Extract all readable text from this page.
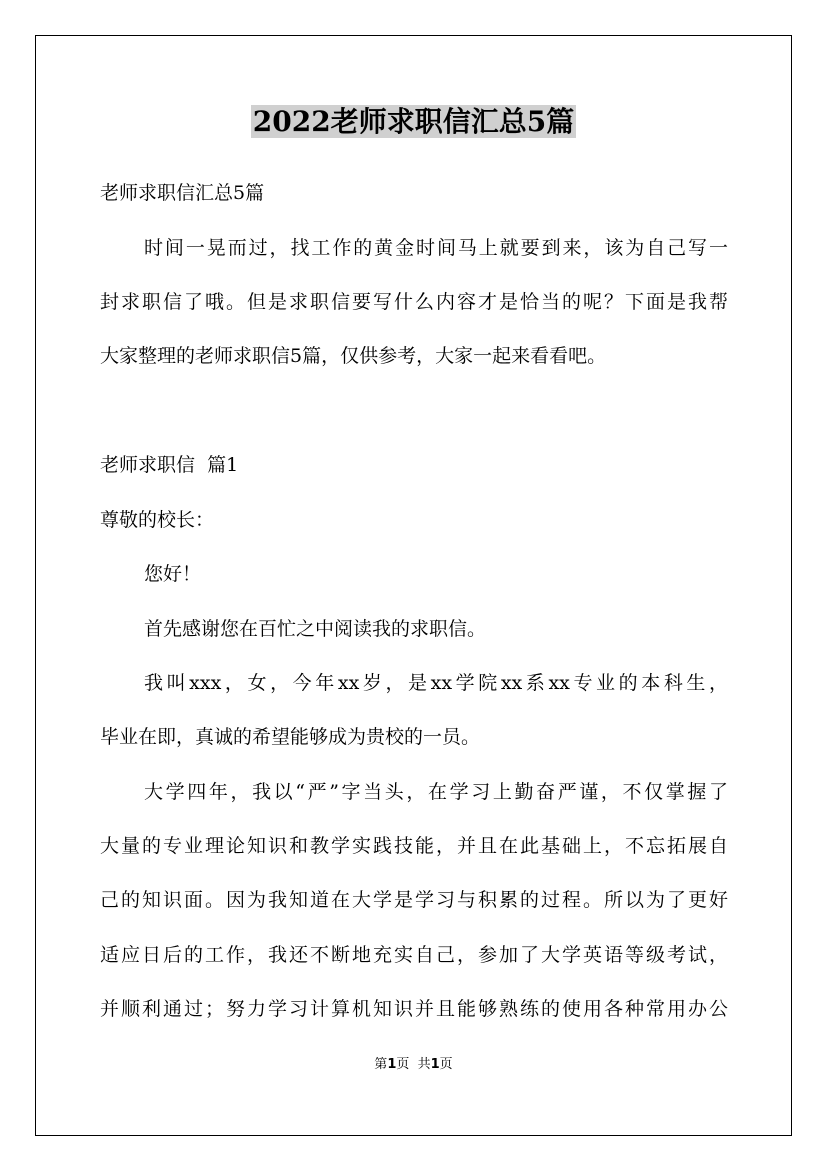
2022老师求职信汇总5篇
老师求职信汇总5篇
时间一晃而过，找工作的黄金时间马上就要到来，该为自己写一
封求职信了哦。但是求职信要写什么内容才是恰当的呢？下面是我帮
大家整理的老师求职信5篇，仅供参考，大家一起来看看吧。
老师求职信  篇1
尊敬的校长：
您好！
首先感谢您在百忙之中阅读我的求职信。
我叫xxx，女，今年xx岁，是xx学院xx系xx专业的本科生，
毕业在即，真诚的希望能够成为贵校的一员。
大学四年，我以“严”字当头，在学习上勤奋严谨，不仅掌握了
大量的专业理论知识和教学实践技能，并且在此基础上，不忘拓展自
己的知识面。因为我知道在大学是学习与积累的过程。所以为了更好
适应日后的工作，我还不断地充实自己，参加了大学英语等级考试，
并顺利通过；努力学习计算机知识并且能够熟练的使用各种常用办公
第1页  共1页
